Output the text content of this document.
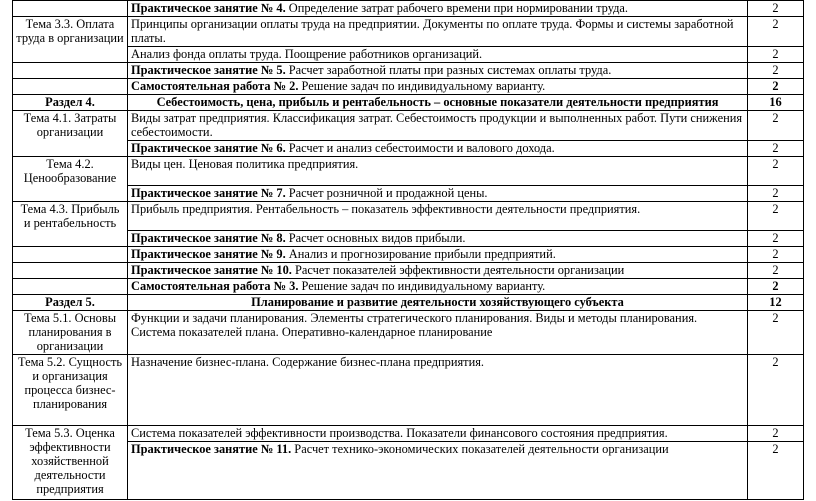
	Практическое занятие № 4. Определение затрат рабочего времени при нормировании труда.	2
Тема 3.3. Оплата труда в организации	Принципы организации оплаты труда на предприятии. Документы по оплате труда. Формы и системы заработной платы.	2
	Анализ фонда оплаты труда. Поощрение работников организаций.	2
	Практическое занятие № 5. Расчет заработной платы при разных системах оплаты труда.	2
	Самостоятельная работа № 2. Решение задач по индивидуальному варианту.	2
Раздел 4.	Себестоимость, цена, прибыль и рентабельность – основные показатели деятельности предприятия	16
Тема 4.1. Затраты организации	Виды затрат предприятия. Классификация затрат. Себестоимость продукции и выполненных работ. Пути снижения себестоимости.	2
	Практическое занятие № 6. Расчет и анализ себестоимости и валового дохода.	2
Тема 4.2. Ценообразование	Виды цен. Ценовая политика предприятия.	2
	Практическое занятие № 7. Расчет розничной и продажной цены.	2
Тема 4.3. Прибыль и рентабельность	Прибыль предприятия. Рентабельность – показатель эффективности деятельности предприятия.	2
	Практическое занятие № 8. Расчет основных видов прибыли.	2
	Практическое занятие № 9. Анализ и прогнозирование прибыли предприятий.	2
	Практическое занятие № 10. Расчет показателей эффективности деятельности организации	2
	Самостоятельная работа № 3. Решение задач по индивидуальному варианту.	2
Раздел 5.	Планирование и развитие деятельности хозяйствующего субъекта	12
Тема 5.1. Основы планирования в организации	Функции и задачи планирования. Элементы стратегического планирования. Виды и методы планирования. Система показателей плана. Оперативно-календарное планирование	2
Тема 5.2. Сущность и организация процесса бизнес-планирования	Назначение бизнес-плана. Содержание бизнес-плана предприятия.	2
Тема 5.3. Оценка эффективности хозяйственной деятельности предприятия	Система показателей эффективности производства. Показатели финансового состояния предприятия.	2
	Практическое занятие № 11. Расчет технико-экономических показателей деятельности организации	2
